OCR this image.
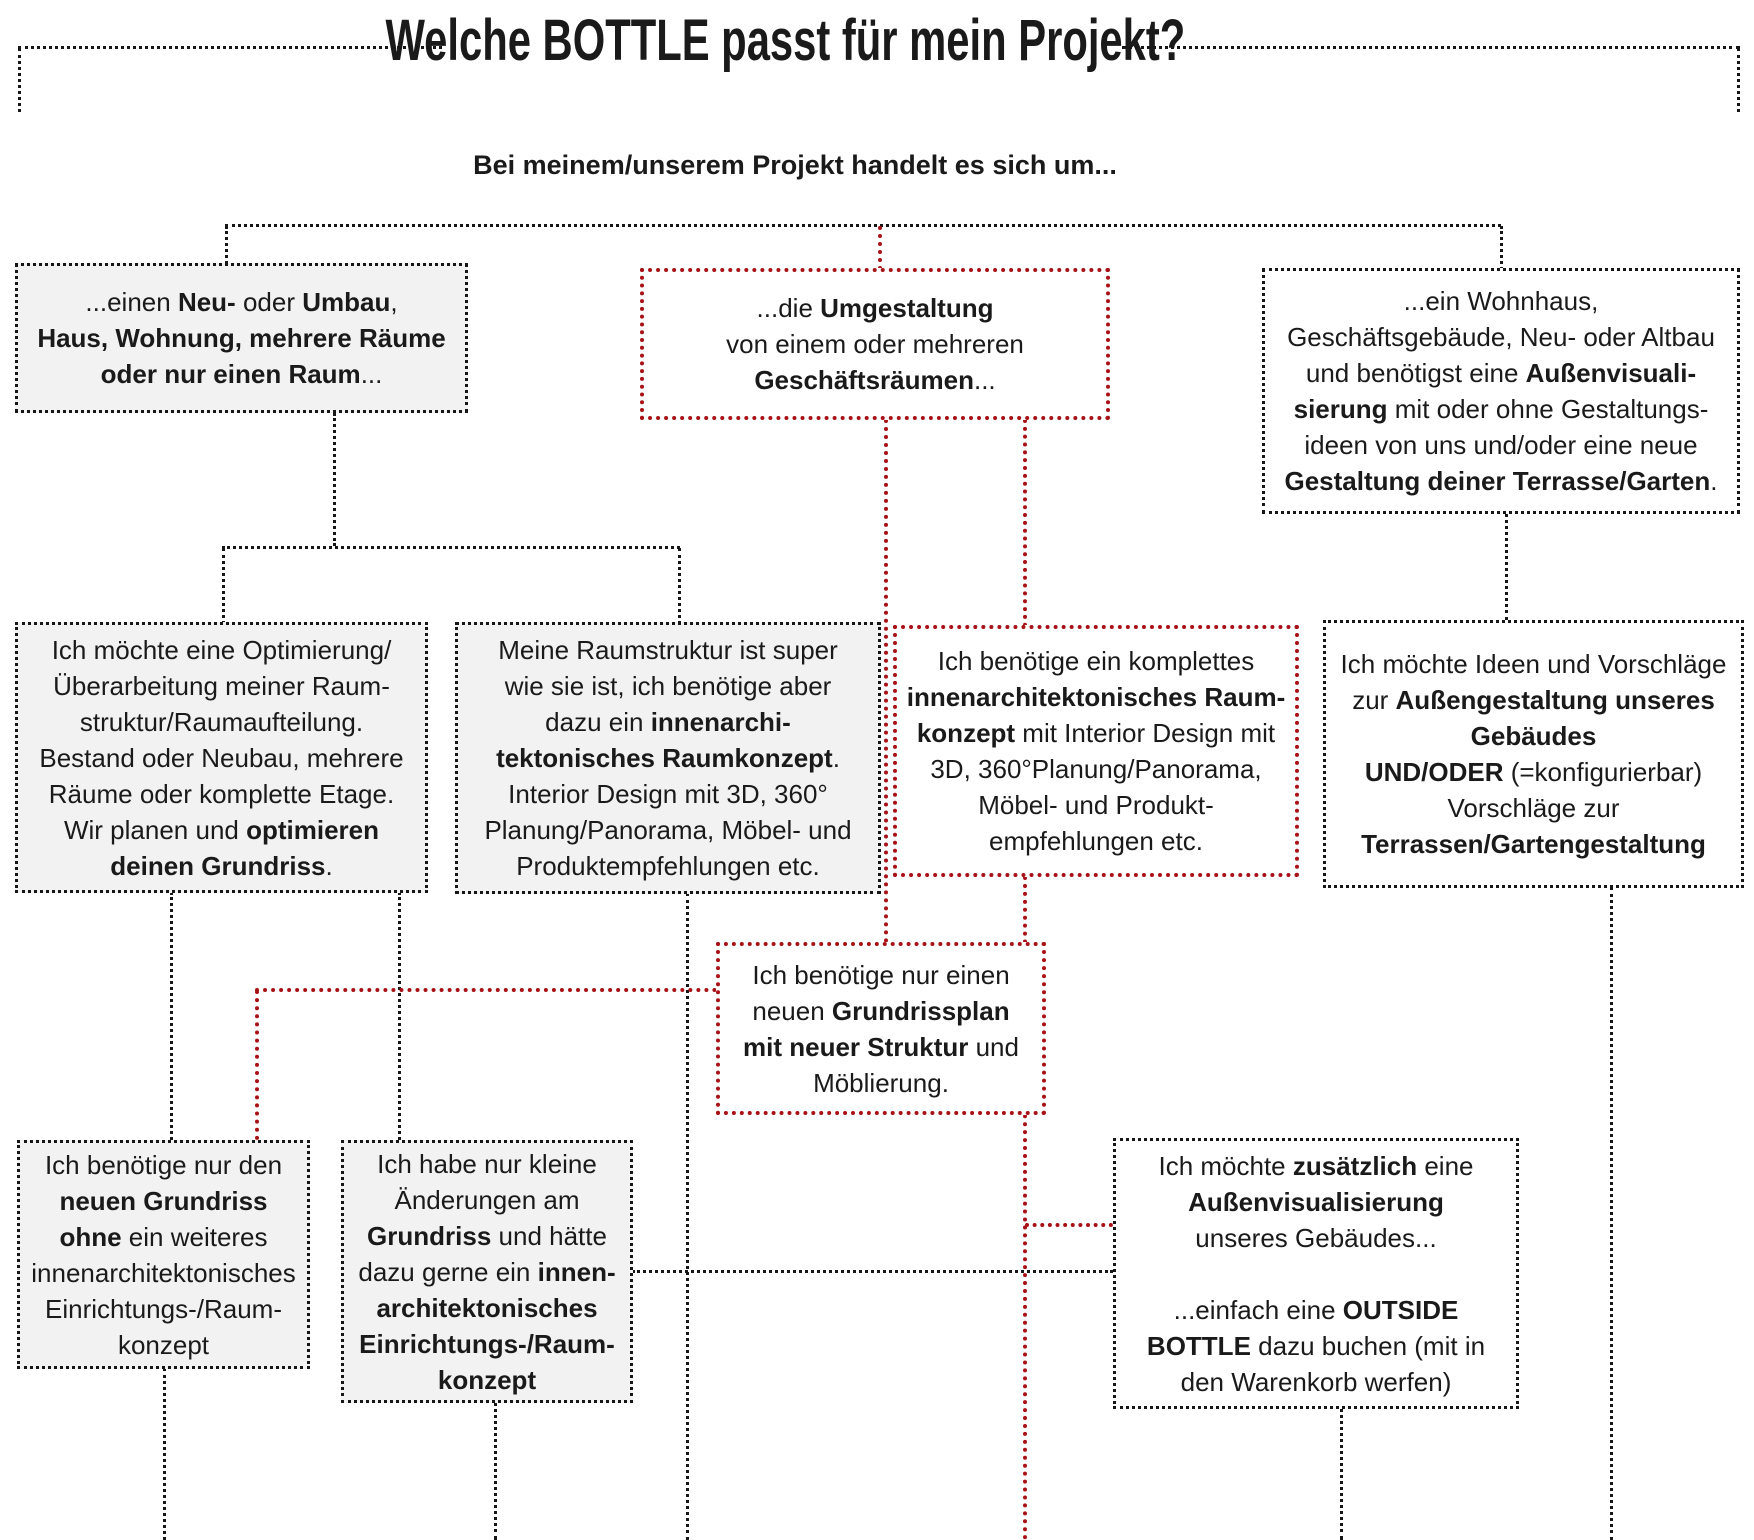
Welche BOTTLE passt für mein Projekt?
Bei meinem/unserem Projekt handelt es sich um...
...einen Neu- oder Umbau,
Haus, Wohnung, mehrere Räume
oder nur einen Raum...
...die Umgestaltung
von einem oder mehreren
Geschäftsräumen...
...ein Wohnhaus,
Geschäftsgebäude, Neu- oder Altbau
und benötigst eine Außenvisuali-
sierung mit oder ohne Gestaltungs-
ideen von uns und/oder eine neue
Gestaltung deiner Terrasse/Garten.
Ich möchte eine Optimierung/
Überarbeitung meiner Raum-
struktur/Raumaufteilung.
Bestand oder Neubau, mehrere
Räume oder komplette Etage.
Wir planen und optimieren
deinen Grundriss.
Meine Raumstruktur ist super
wie sie ist, ich benötige aber
dazu ein innenarchi-
tektonisches Raumkonzept.
Interior Design mit 3D, 360°
Planung/Panorama, Möbel- und
Produktempfehlungen etc.
Ich benötige ein komplettes
innenarchitektonisches Raum-
konzept mit Interior Design mit
3D, 360°Planung/Panorama,
Möbel- und Produkt-
empfehlungen etc.
Ich möchte Ideen und Vorschläge
zur Außengestaltung unseres
Gebäudes
UND/ODER (=konfigurierbar)
Vorschläge zur
Terrassen/Gartengestaltung
Ich benötige nur einen
neuen Grundrissplan
mit neuer Struktur und
Möblierung.
Ich benötige nur den
neuen Grundriss
ohne ein weiteres
innenarchitektonisches
Einrichtungs-/Raum-
konzept
Ich habe nur kleine
Änderungen am
Grundriss und hätte
dazu gerne ein innen-
architektonisches
Einrichtungs-/Raum-
konzept
Ich möchte zusätzlich eine
Außenvisualisierung
unseres Gebäudes...

...einfach eine OUTSIDE
BOTTLE dazu buchen (mit in
den Warenkorb werfen)
